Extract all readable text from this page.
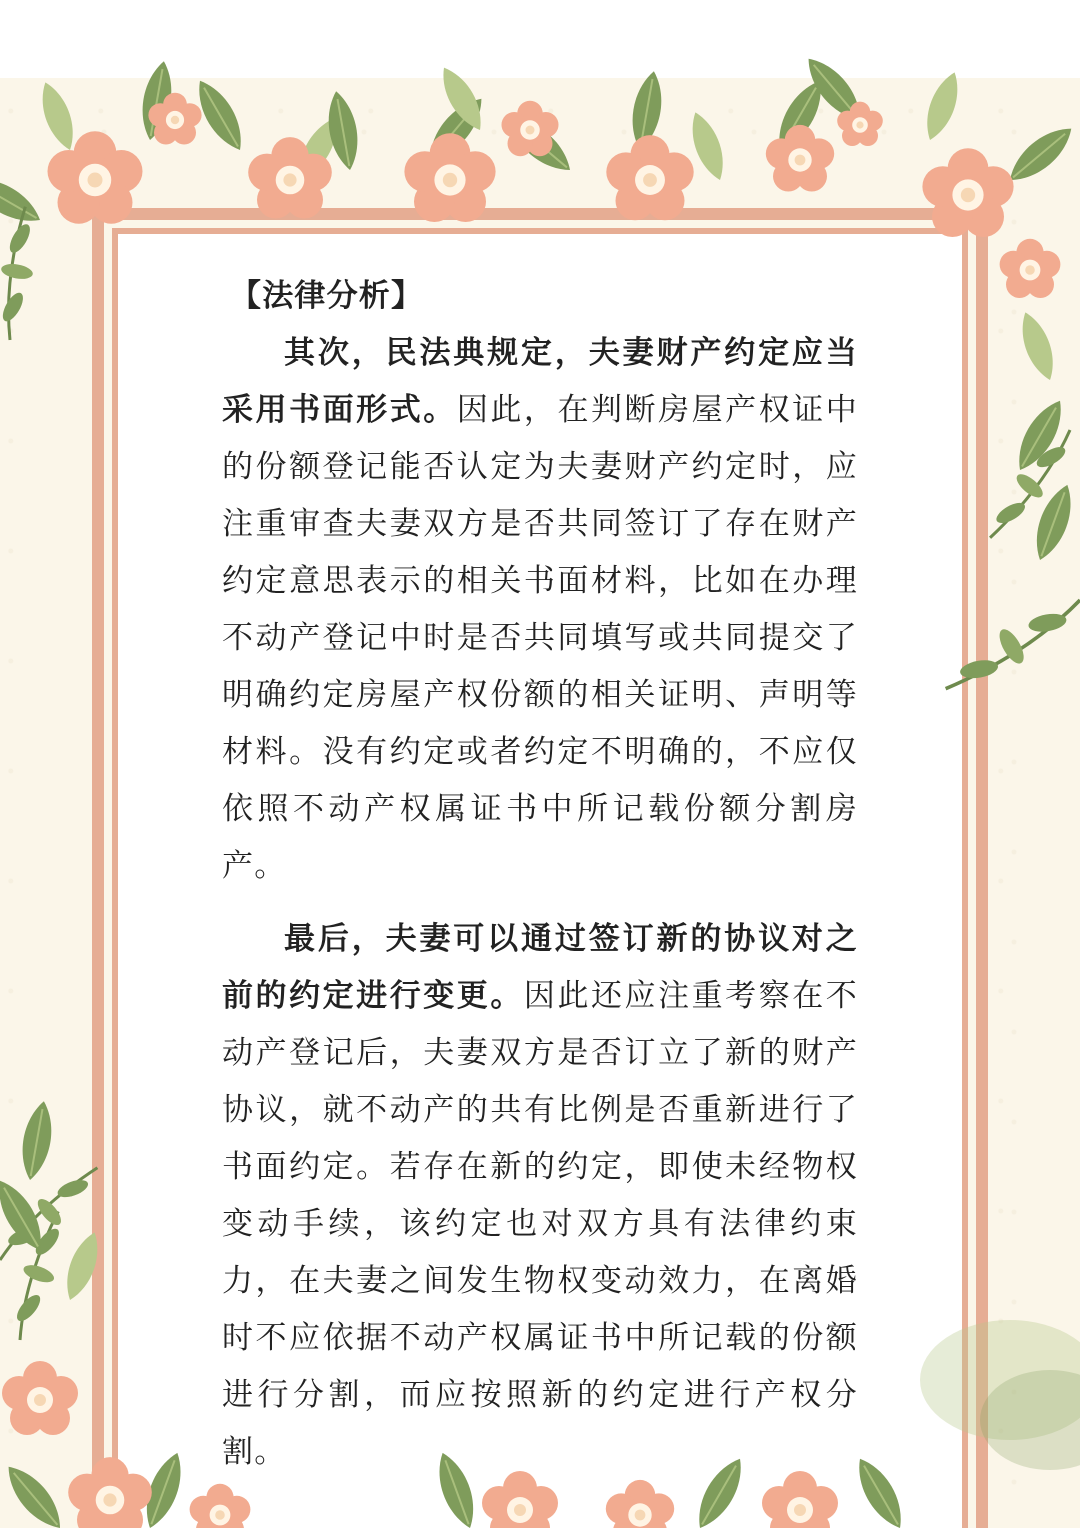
【法律分析】

其次，民法典规定，夫妻财产约定应当采用书面形式。因此，在判断房屋产权证中的份额登记能否认定为夫妻财产约定时，应注重审查夫妻双方是否共同签订了存在财产约定意思表示的相关书面材料，比如在办理不动产登记中时是否共同填写或共同提交了明确约定房屋产权份额的相关证明、声明等材料。没有约定或者约定不明确的，不应仅依照不动产权属证书中所记载份额分割房产。

最后，夫妻可以通过签订新的协议对之前的约定进行变更。因此还应注重考察在不动产登记后，夫妻双方是否订立了新的财产协议，就不动产的共有比例是否重新进行了书面约定。若存在新的约定，即使未经物权变动手续，该约定也对双方具有法律约束力，在夫妻之间发生物权变动效力，在离婚时不应依据不动产权属证书中所记载的份额进行分割，而应按照新的约定进行产权分割。
